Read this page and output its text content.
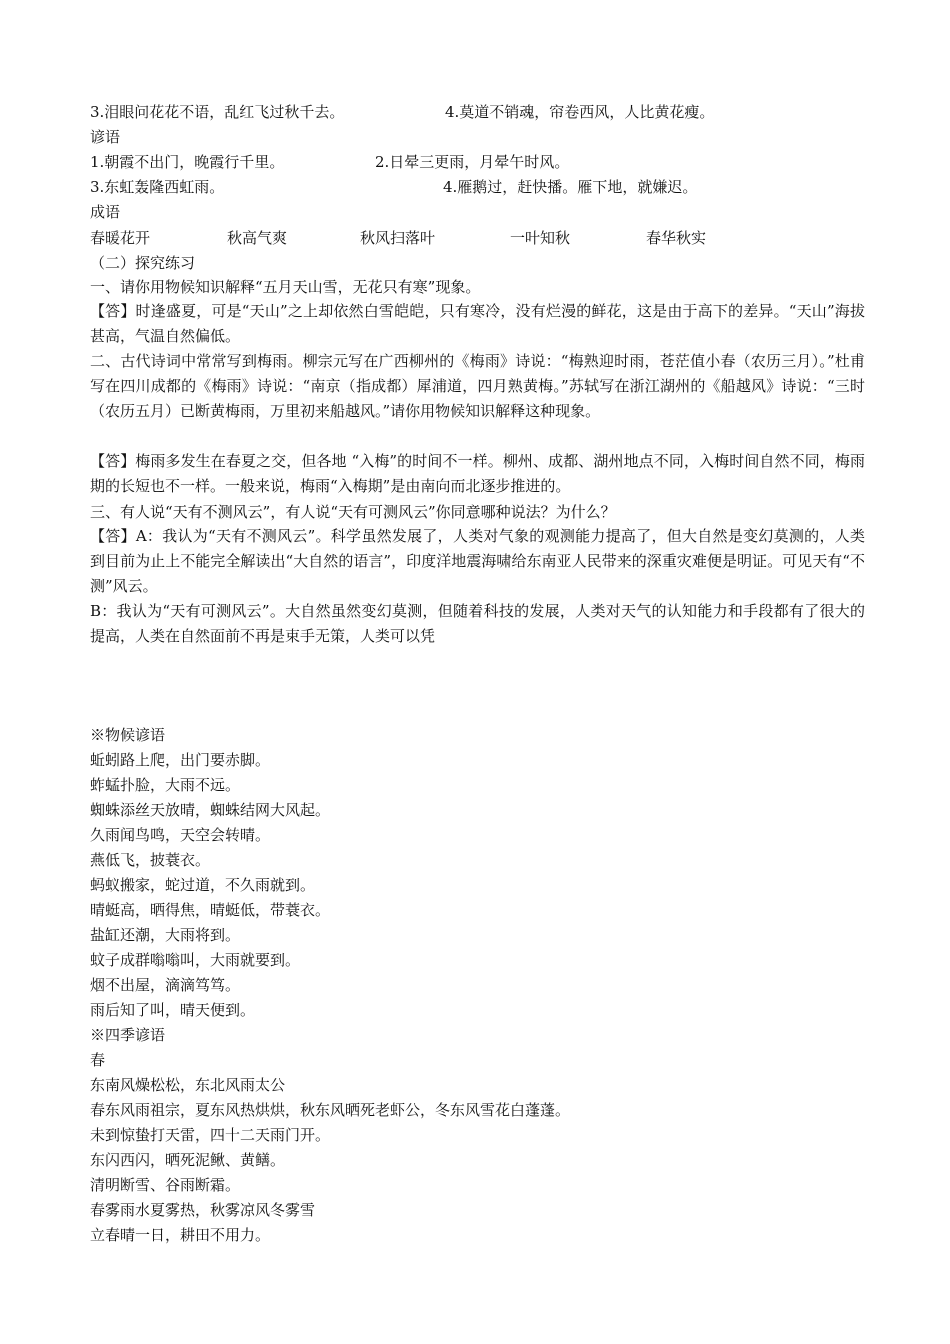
3.泪眼问花花不语，乱红飞过秋千去。	4.莫道不销魂，帘卷西风，人比黄花瘦。
谚语
1.朝霞不出门，晚霞行千里。	2.日晕三更雨，月晕午时风。
3.东虹轰隆西虹雨。	4.雁鹅过，赶快播。雁下地，就嫌迟。
成语
春暖花开	秋高气爽	秋风扫落叶	一叶知秋	春华秋实
（二）探究练习
一、请你用物候知识解释“五月天山雪，无花只有寒”现象。
【答】时逢盛夏，可是“天山”之上却依然白雪皑皑，只有寒冷，没有烂漫的鲜花，这是由于高下的差异。“天山”海拔甚高，气温自然偏低。
二、古代诗词中常常写到梅雨。柳宗元写在广西柳州的《梅雨》诗说：“梅熟迎时雨，苍茫值小春（农历三月）。”杜甫写在四川成都的《梅雨》诗说：“南京（指成都）犀浦道，四月熟黄梅。”苏轼写在浙江湖州的《船越风》诗说：“三时（农历五月）已断黄梅雨，万里初来船越风。”请你用物候知识解释这种现象。
【答】梅雨多发生在春夏之交，但各地 “入梅”的时间不一样。柳州、成都、湖州地点不同，入梅时间自然不同，梅雨期的长短也不一样。一般来说，梅雨“入梅期”是由南向而北逐步推进的。
三、有人说“天有不测风云”，有人说“天有可测风云”你同意哪种说法？为什么？
【答】A：我认为“天有不测风云”。科学虽然发展了，人类对气象的观测能力提高了，但大自然是变幻莫测的，人类到目前为止上不能完全解读出“大自然的语言”，印度洋地震海啸给东南亚人民带来的深重灾难便是明证。可见天有“不测”风云。
B：我认为“天有可测风云”。大自然虽然变幻莫测，但随着科技的发展，人类对天气的认知能力和手段都有了很大的提高，人类在自然面前不再是束手无策，人类可以凭
※物候谚语
蚯蚓路上爬，出门要赤脚。
蚱蜢扑脸，大雨不远。
蜘蛛添丝天放晴，蜘蛛结网大风起。
久雨闻鸟鸣，天空会转晴。
燕低飞，披蓑衣。
蚂蚁搬家，蛇过道，不久雨就到。
晴蜓高，晒得焦，晴蜓低，带蓑衣。
盐缸还潮，大雨将到。
蚊子成群嗡嗡叫，大雨就要到。
烟不出屋，滴滴笃笃。
雨后知了叫，晴天便到。
※四季谚语
春
东南风燥松松，东北风雨太公
春东风雨祖宗，夏东风热烘烘，秋东风晒死老虾公，冬东风雪花白蓬蓬。
未到惊蛰打天雷，四十二天雨门开。
东闪西闪，晒死泥鳅、黄鳝。
清明断雪、谷雨断霜。
春雾雨水夏雾热，秋雾凉风冬雾雪
立春晴一日，耕田不用力。
